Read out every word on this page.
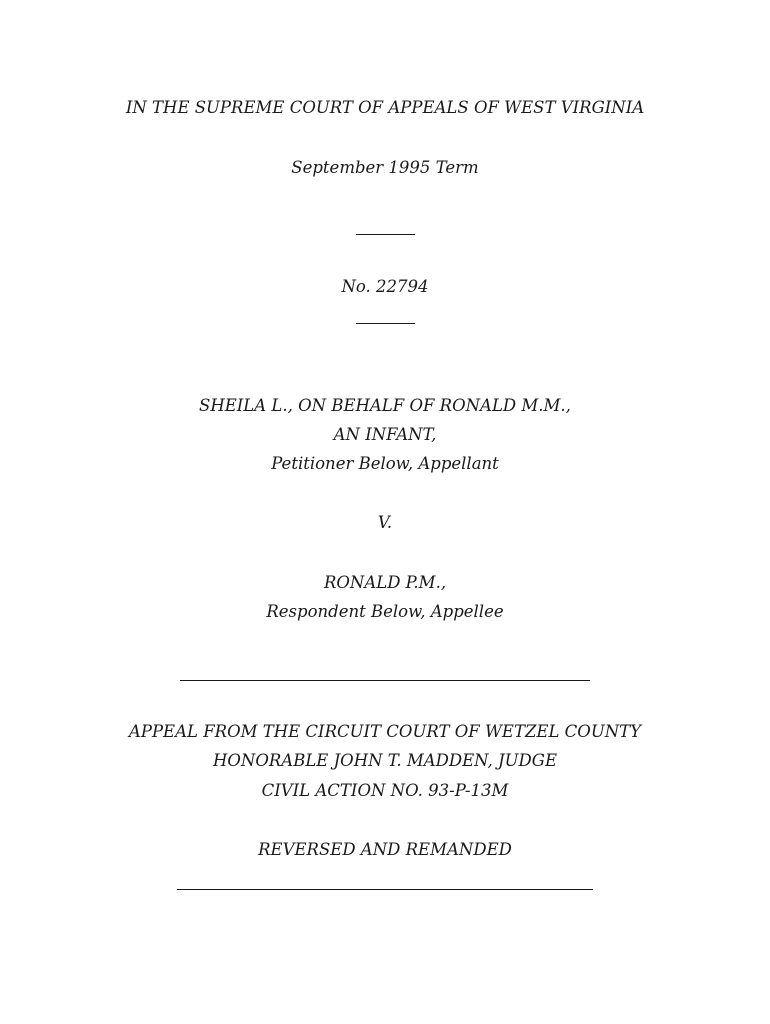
IN THE SUPREME COURT OF APPEALS OF WEST VIRGINIA
September 1995 Term
No. 22794
SHEILA L., ON BEHALF OF RONALD M.M.,
AN INFANT,
Petitioner Below, Appellant
V.
RONALD P.M.,
Respondent Below, Appellee
APPEAL FROM THE CIRCUIT COURT OF WETZEL COUNTY
HONORABLE JOHN T. MADDEN, JUDGE
CIVIL ACTION NO. 93-P-13M
REVERSED AND REMANDED
